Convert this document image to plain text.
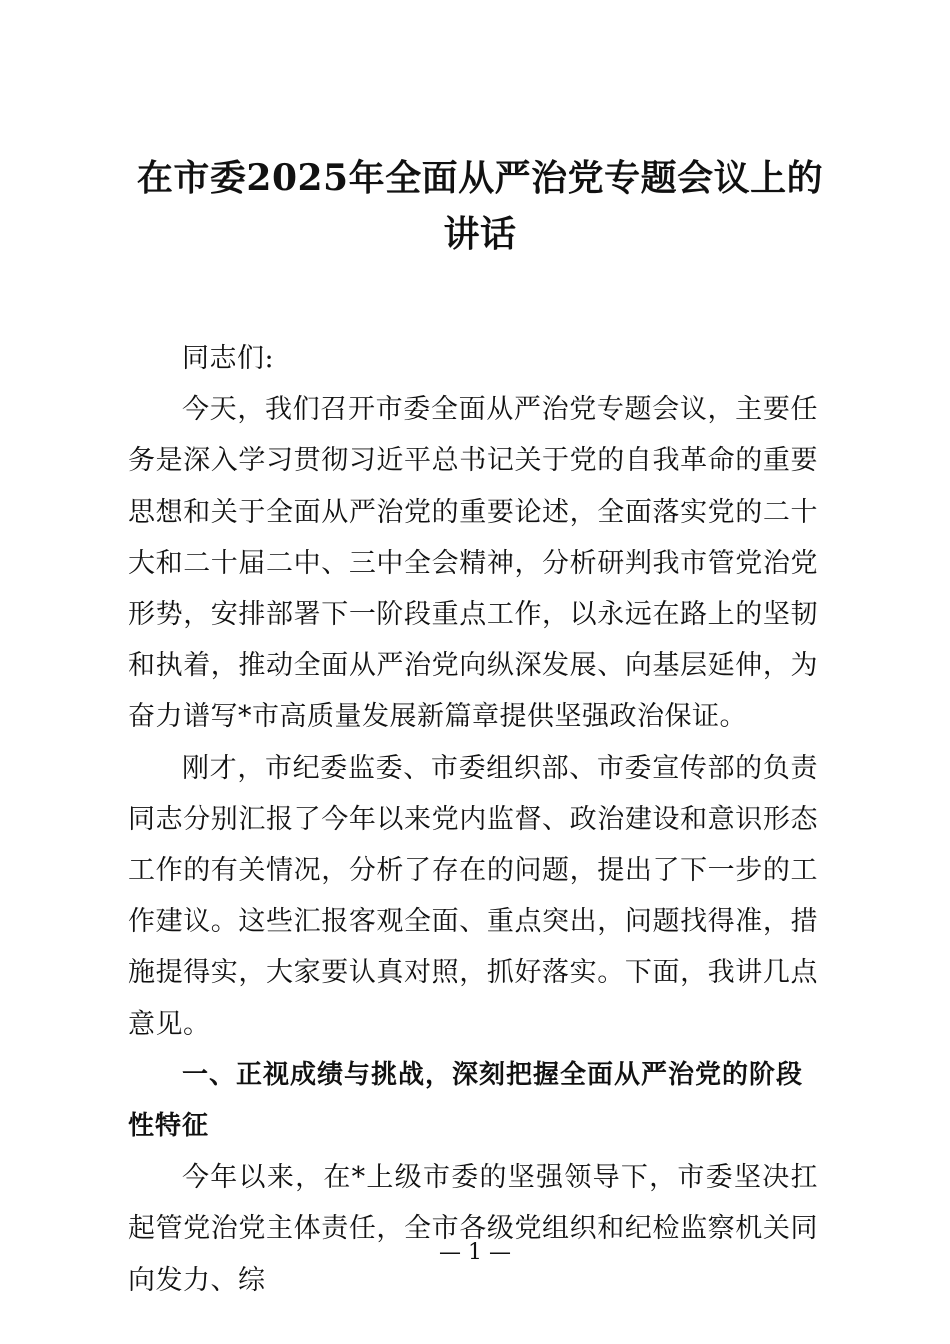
在市委2025年全面从严治党专题会议上的讲话

同志们:

今天，我们召开市委全面从严治党专题会议，主要任务是深入学习贯彻习近平总书记关于党的自我革命的重要思想和关于全面从严治党的重要论述，全面落实党的二十大和二十届二中、三中全会精神，分析研判我市管党治党形势，安排部署下一阶段重点工作，以永远在路上的坚韧和执着，推动全面从严治党向纵深发展、向基层延伸，为奋力谱写*市高质量发展新篇章提供坚强政治保证。

刚才，市纪委监委、市委组织部、市委宣传部的负责同志分别汇报了今年以来党内监督、政治建设和意识形态工作的有关情况，分析了存在的问题，提出了下一步的工作建议。这些汇报客观全面、重点突出，问题找得准，措施提得实，大家要认真对照，抓好落实。下面，我讲几点意见。

一、正视成绩与挑战，深刻把握全面从严治党的阶段性特征

今年以来，在*上级市委的坚强领导下，市委坚决扛起管党治党主体责任，全市各级党组织和纪检监察机关同向发力、综

— 1 —
